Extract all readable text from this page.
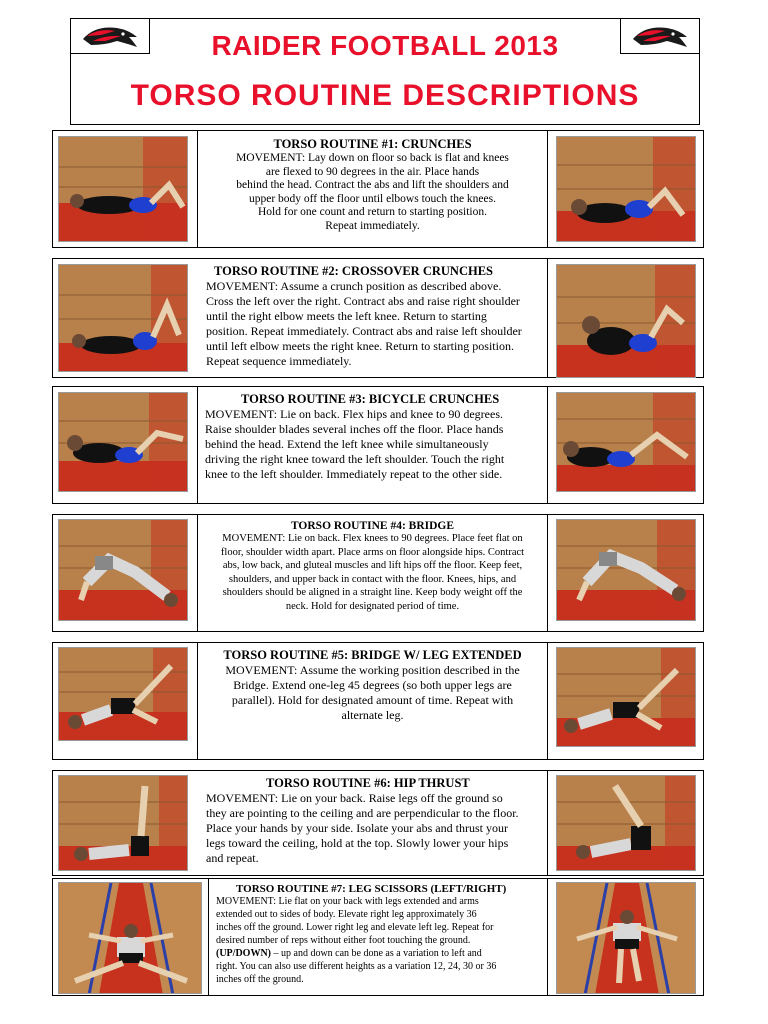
RAIDER FOOTBALL 2013
TORSO ROUTINE DESCRIPTIONS
TORSO ROUTINE #1: CRUNCHES
MOVEMENT: Lay down on floor so back is flat and knees
are flexed to 90 degrees in the air. Place hands
behind the head. Contract the abs and lift the shoulders and
upper body off the floor until elbows touch the knees.
Hold for one count and return to starting position.
Repeat immediately.
TORSO ROUTINE #2: CROSSOVER CRUNCHES
MOVEMENT: Assume a crunch position as described above.
Cross the left over the right. Contract abs and raise right shoulder
until the right elbow meets the left knee. Return to starting
position. Repeat immediately. Contract abs and raise left shoulder
until left elbow meets the right knee. Return to starting position.
Repeat sequence immediately.
TORSO ROUTINE #3: BICYCLE CRUNCHES
MOVEMENT: Lie on back. Flex hips and knee to 90 degrees.
Raise shoulder blades several inches off the floor. Place hands
behind the head. Extend the left knee while simultaneously
driving the right knee toward the left shoulder. Touch the right
knee to the left shoulder. Immediately repeat to the other side.
TORSO ROUTINE #4: BRIDGE
MOVEMENT: Lie on back. Flex knees to 90 degrees. Place feet flat on
floor, shoulder width apart. Place arms on floor alongside hips. Contract
abs, low back, and gluteal muscles and lift hips off the floor. Keep feet,
shoulders, and upper back in contact with the floor. Knees, hips, and
shoulders should be aligned in a straight line. Keep body weight off the
neck. Hold for designated period of time.
TORSO ROUTINE #5: BRIDGE W/ LEG EXTENDED
MOVEMENT: Assume the working position described in the
Bridge. Extend one-leg 45 degrees (so both upper legs are
parallel). Hold for designated amount of time. Repeat with
alternate leg.
TORSO ROUTINE #6: HIP THRUST
MOVEMENT: Lie on your back. Raise legs off the ground so
they are pointing to the ceiling and are perpendicular to the floor.
Place your hands by your side. Isolate your abs and thrust your
legs toward the ceiling, hold at the top. Slowly lower your hips
and repeat.
TORSO ROUTINE #7: LEG SCISSORS (LEFT/RIGHT)
MOVEMENT: Lie flat on your back with legs extended and arms
extended out to sides of body. Elevate right leg approximately 36
inches off the ground. Lower right leg and elevate left leg. Repeat for
desired number of reps without either foot touching the ground.
(UP/DOWN) – up and down can be done as a variation to left and
right. You can also use different heights as a variation 12, 24, 30 or 36
inches off the ground.
